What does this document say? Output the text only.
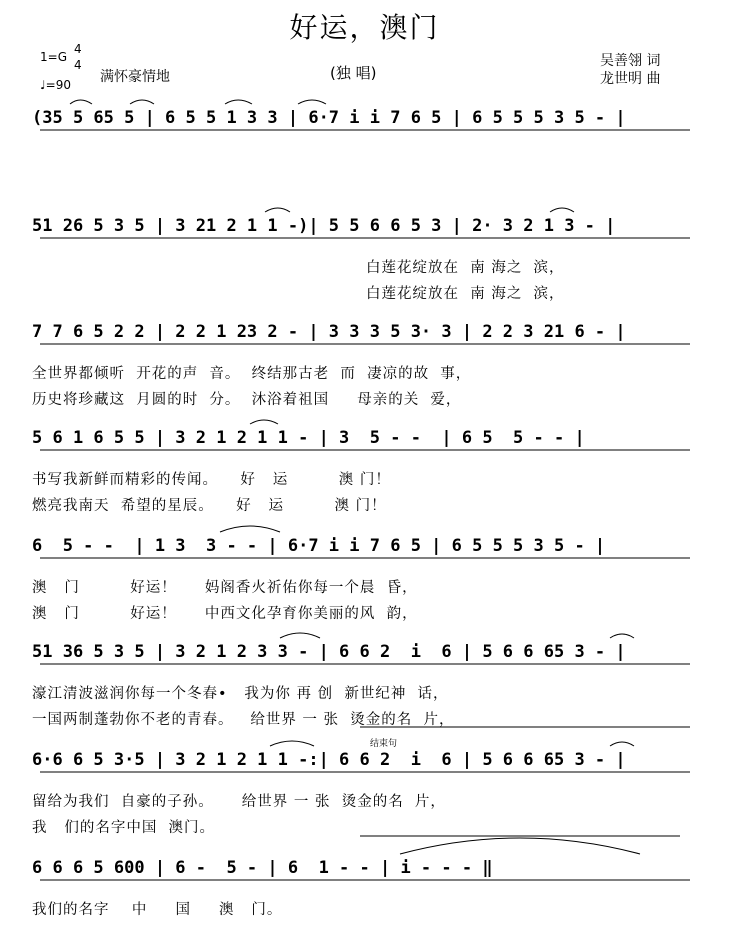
好运，澳门
(独 唱)
吴善翎 词
龙世明 曲
1=G
4
4
♩=90 满怀豪情地
(35 5 65 5 | 6 5 5 1 3 3 | 6·7 i i 7 6 5 | 6 5 5 5 3 5 - |
51 26 5 3 5 | 3 21 2 1 1 -)| 5 5 6 6 5 3 | 2· 3 2 1 3 - |
白莲花绽放在  南 海之  滨，
白莲花绽放在  南 海之  滨，
7 7 6 5 2 2 | 2 2 1 23 2 - | 3 3 3 5 3· 3 | 2 2 3 21 6 - |
全世界都倾听  开花的声  音。  终结那古老  而  凄凉的故  事，
历史将珍藏这  月圆的时  分。  沐浴着祖国     母亲的关  爱，
5 6 1 6 5 5 | 3 2 1 2 1 1 - | 3  5 - -  | 6 5  5 - - |
书写我新鲜而精彩的传闻。    好   运         澳 门！
燃亮我南天  希望的星辰。    好   运         澳 门！
6  5 - -  | 1 3  3 - - | 6·7 i i 7 6 5 | 6 5 5 5 3 5 - |
澳   门         好运！     妈阁香火祈佑你每一个晨  昏，
澳   门         好运！     中西文化孕育你美丽的风  韵，
51 36 5 3 5 | 3 2 1 2 3 3 - | 6 6 2  i  6 | 5 6 6 65 3 - |
濠江清波滋润你每一个冬春•   我为你 再 创  新世纪神  话，
一国两制蓬勃你不老的青春。   给世界 一 张  烫金的名  片，
结束句
6·6 6 5 3·5 | 3 2 1 2 1 1 -:| 6 6 2  i  6 | 5 6 6 65 3 - |
留给为我们  自豪的子孙。     给世界 一 张  烫金的名  片，
我   们的名字中国  澳门。
6 6 6 5 600 | 6 -  5 - | 6  1 - - | i - - - ‖
我们的名字    中     国     澳   门。
